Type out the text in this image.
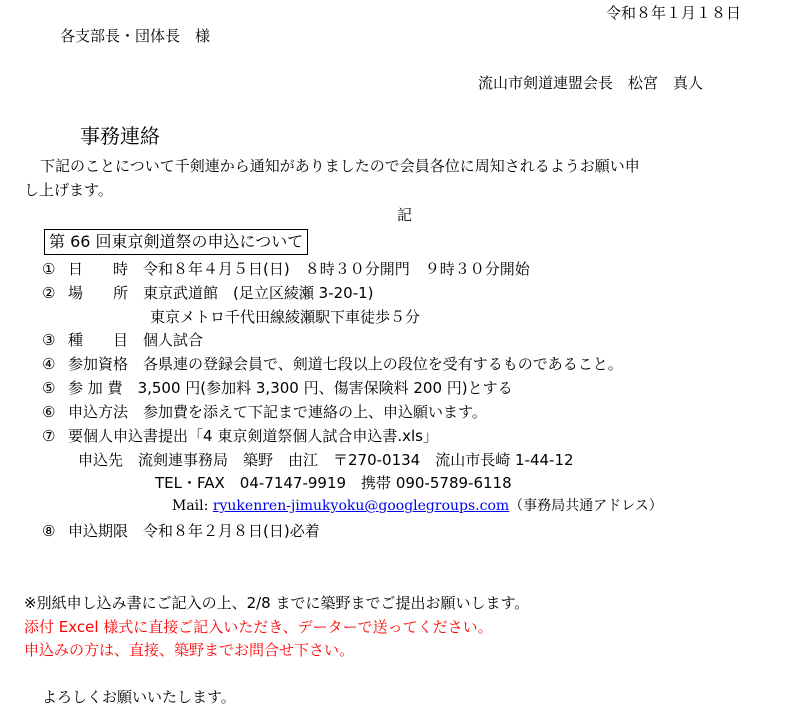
令和８年１月１８日
各支部長・団体長　様
流山市剣道連盟会長　松宮　真人
事務連絡
下記のことについて千剣連から通知がありましたので会員各位に周知されるようお願い申
し上げます。
記
第 66 回東京剣道祭の申込について
① 日　　時　 令和８年４月５日(日)　８時３０分開門　９時３０分開始
② 場　　所　 東京武道館　(足立区綾瀬 3-20-1)
東京メトロ千代田線綾瀬駅下車徒歩５分
③ 種　　目　 個人試合
④ 参加資格　 各県連の登録会員で、剣道七段以上の段位を受有するものであること。
⑤ 参 加 費　 3,500 円(参加料 3,300 円、傷害保険料 200 円)とする
⑥ 申込方法　 参加費を添えて下記まで連絡の上、申込願います。
⑦ 要個人申込書提出「4 東京剣道祭個人試合申込書.xls」
申込先　流剣連事務局　築野　由江　〒270-0134　流山市長崎 1-44-12
TEL・FAX　04-7147-9919　携帯 090-5789-6118
Mail: ryukenren-jimukyoku@googlegroups.com（事務局共通アドレス）
⑧ 申込期限　 令和８年２月８日(日)必着
※別紙申し込み書にご記入の上、2/8 までに築野までご提出お願いします。
添付 Excel 様式に直接ご記入いただき、データーで送ってください。
申込みの方は、直接、築野までお問合せ下さい。
よろしくお願いいたします。
